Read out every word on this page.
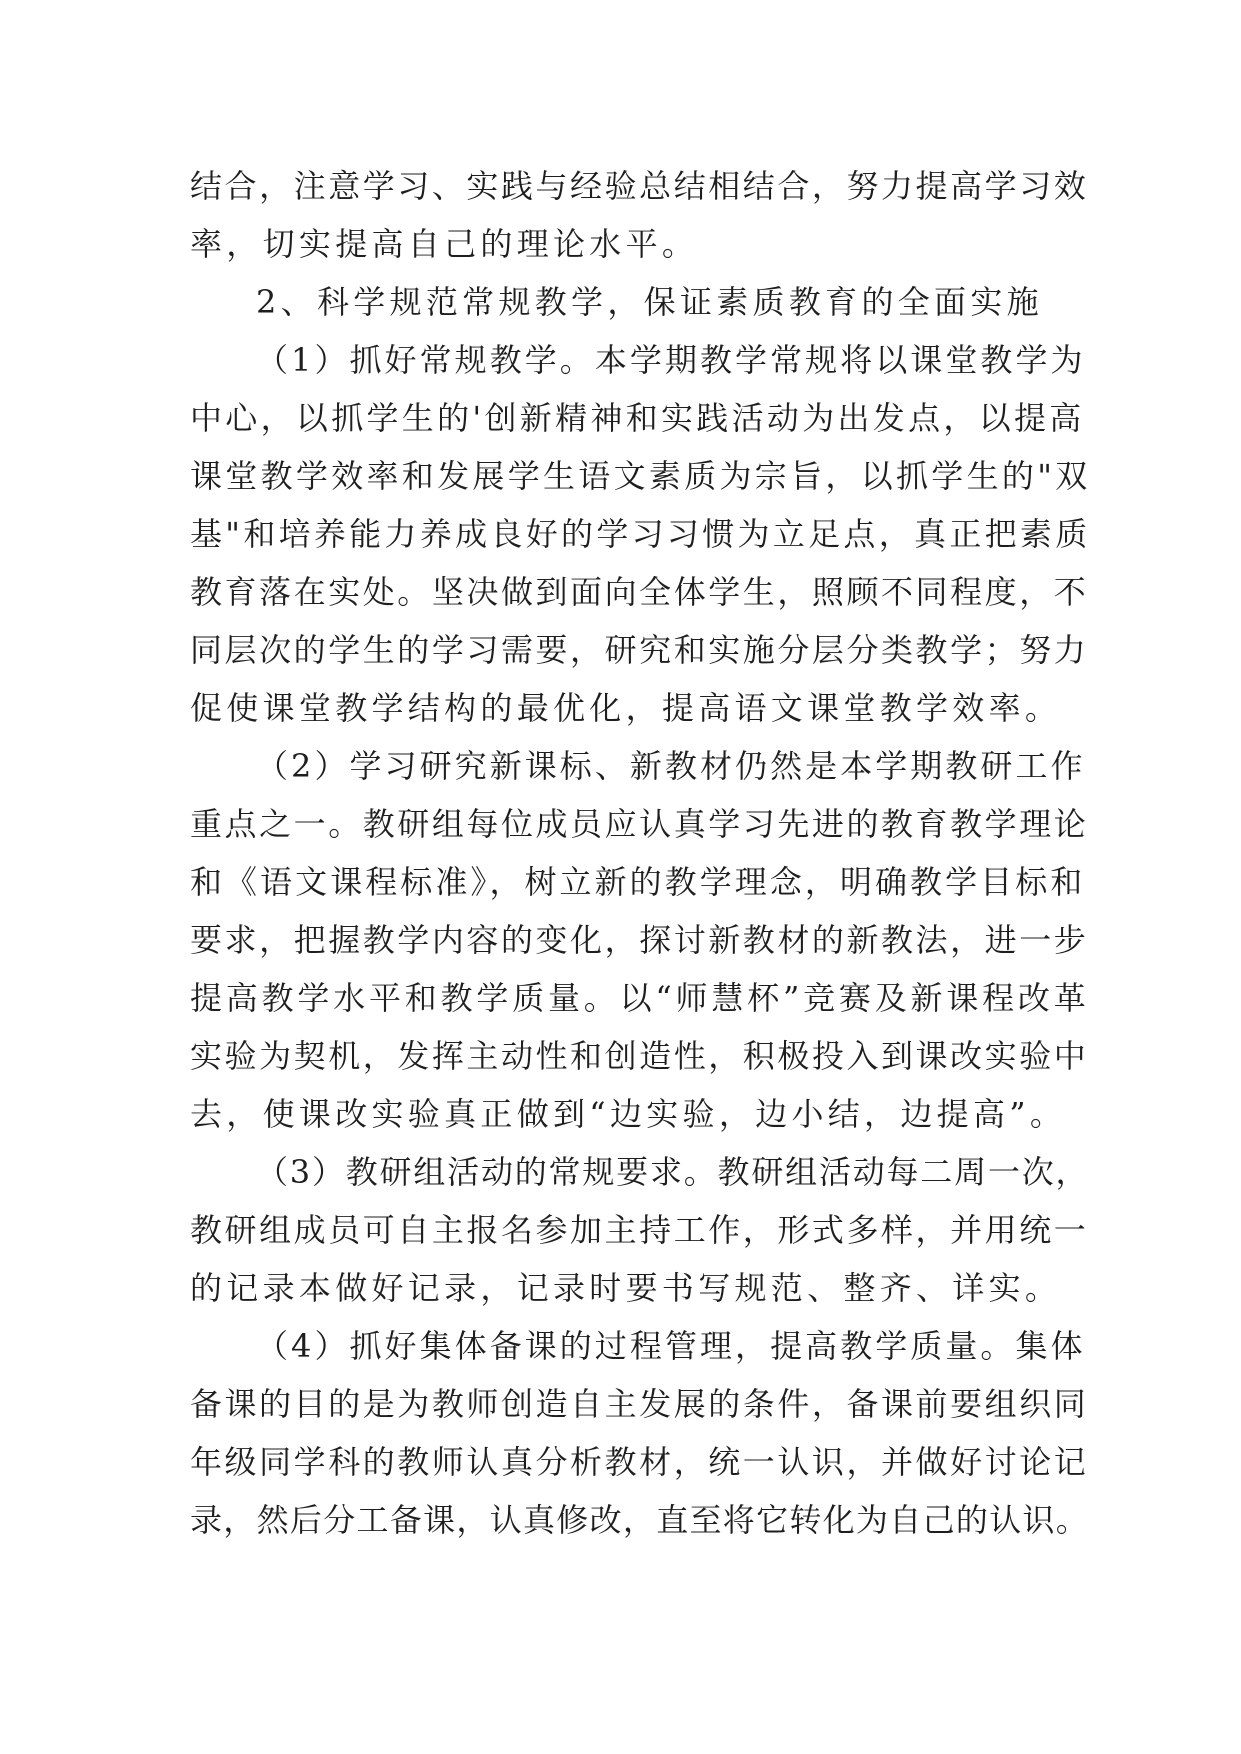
结合，注意学习、实践与经验总结相结合，努力提高学习效
率，切实提高自己的理论水平。
2、科学规范常规教学，保证素质教育的全面实施
（1）抓好常规教学。本学期教学常规将以课堂教学为
中心，以抓学生的'创新精神和实践活动为出发点，以提高
课堂教学效率和发展学生语文素质为宗旨，以抓学生的"双
基"和培养能力养成良好的学习习惯为立足点，真正把素质
教育落在实处。坚决做到面向全体学生，照顾不同程度，不
同层次的学生的学习需要，研究和实施分层分类教学；努力
促使课堂教学结构的最优化，提高语文课堂教学效率。
（2）学习研究新课标、新教材仍然是本学期教研工作
重点之一。教研组每位成员应认真学习先进的教育教学理论
和《语文课程标准》，树立新的教学理念，明确教学目标和
要求，把握教学内容的变化，探讨新教材的新教法，进一步
提高教学水平和教学质量。以“师慧杯”竞赛及新课程改革
实验为契机，发挥主动性和创造性，积极投入到课改实验中
去，使课改实验真正做到“边实验，边小结，边提高”。
（3）教研组活动的常规要求。教研组活动每二周一次，
教研组成员可自主报名参加主持工作，形式多样，并用统一
的记录本做好记录，记录时要书写规范、整齐、详实。
（4）抓好集体备课的过程管理，提高教学质量。集体
备课的目的是为教师创造自主发展的条件，备课前要组织同
年级同学科的教师认真分析教材，统一认识，并做好讨论记
录，然后分工备课，认真修改，直至将它转化为自己的认识。
